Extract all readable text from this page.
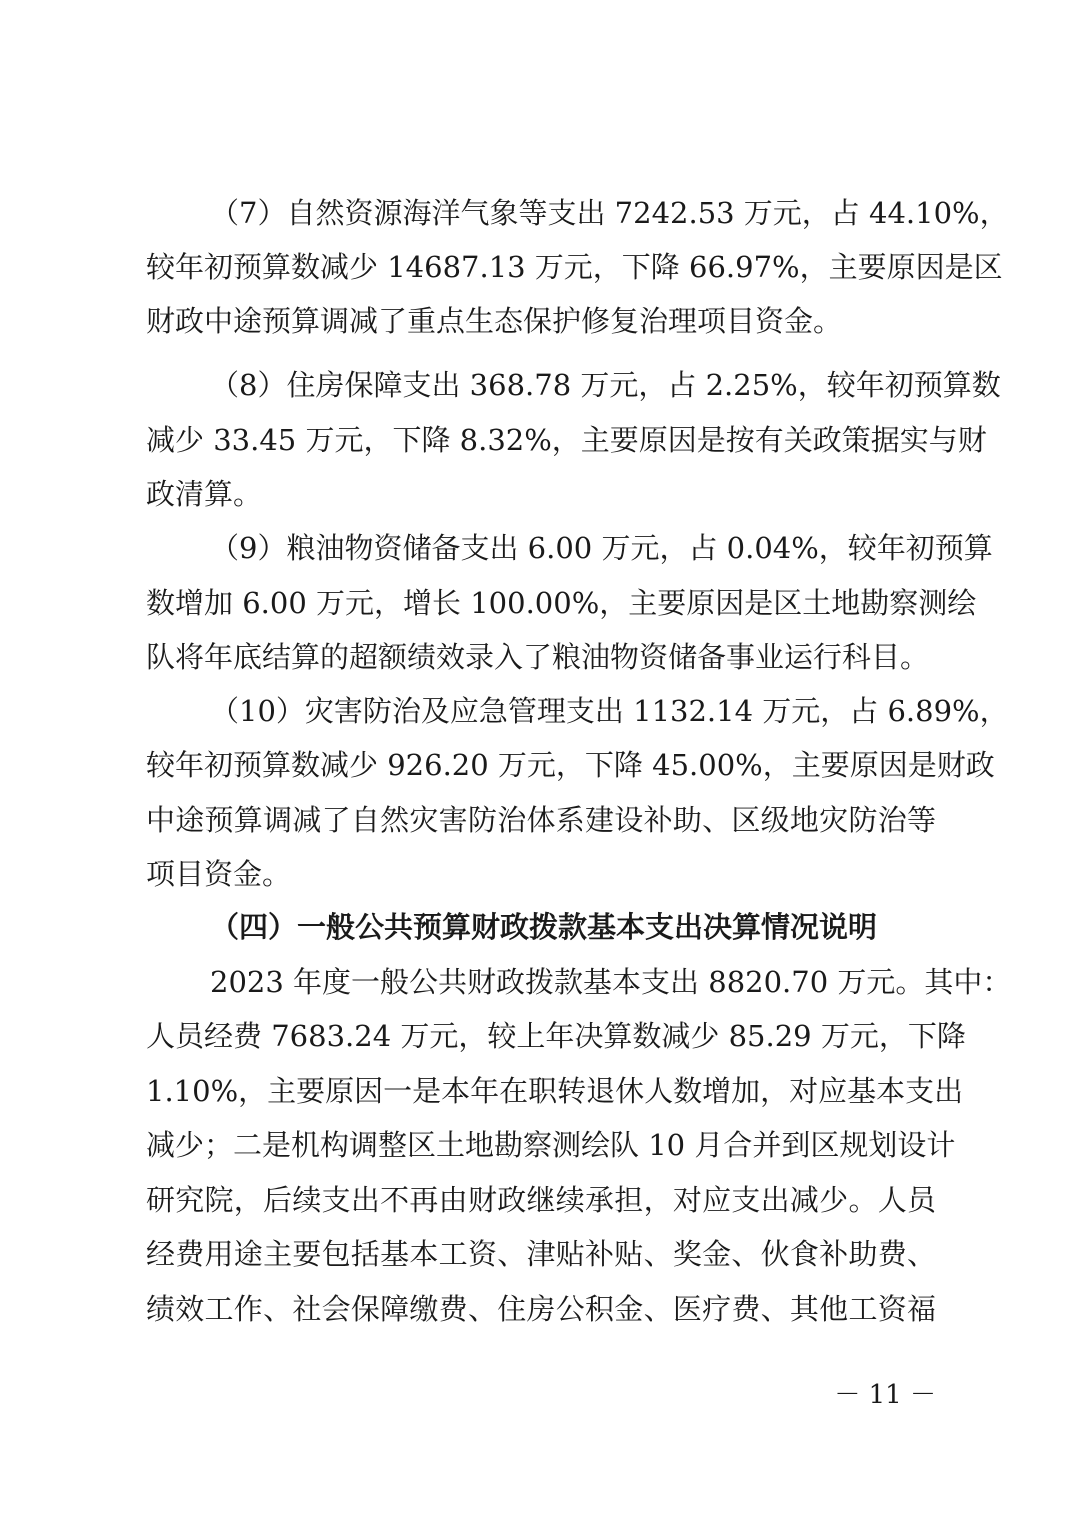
（7）自然资源海洋气象等支出 7242.53 万元，占 44.10%，
较年初预算数减少 14687.13 万元，下降 66.97%，主要原因是区
财政中途预算调减了重点生态保护修复治理项目资金。
（8）住房保障支出 368.78 万元，占 2.25%，较年初预算数
减少 33.45 万元，下降 8.32%，主要原因是按有关政策据实与财
政清算。
（9）粮油物资储备支出 6.00 万元，占 0.04%，较年初预算
数增加 6.00 万元，增长 100.00%，主要原因是区土地勘察测绘
队将年底结算的超额绩效录入了粮油物资储备事业运行科目。
（10）灾害防治及应急管理支出 1132.14 万元，占 6.89%，
较年初预算数减少 926.20 万元，下降 45.00%，主要原因是财政
中途预算调减了自然灾害防治体系建设补助、区级地灾防治等
项目资金。
（四）一般公共预算财政拨款基本支出决算情况说明
2023 年度一般公共财政拨款基本支出 8820.70 万元。其中：
人员经费 7683.24 万元，较上年决算数减少 85.29 万元，下降
1.10%，主要原因一是本年在职转退休人数增加，对应基本支出
减少；二是机构调整区土地勘察测绘队 10 月合并到区规划设计
研究院，后续支出不再由财政继续承担，对应支出减少。人员
经费用途主要包括基本工资、津贴补贴、奖金、伙食补助费、
绩效工作、社会保障缴费、住房公积金、医疗费、其他工资福
－ 11 －
